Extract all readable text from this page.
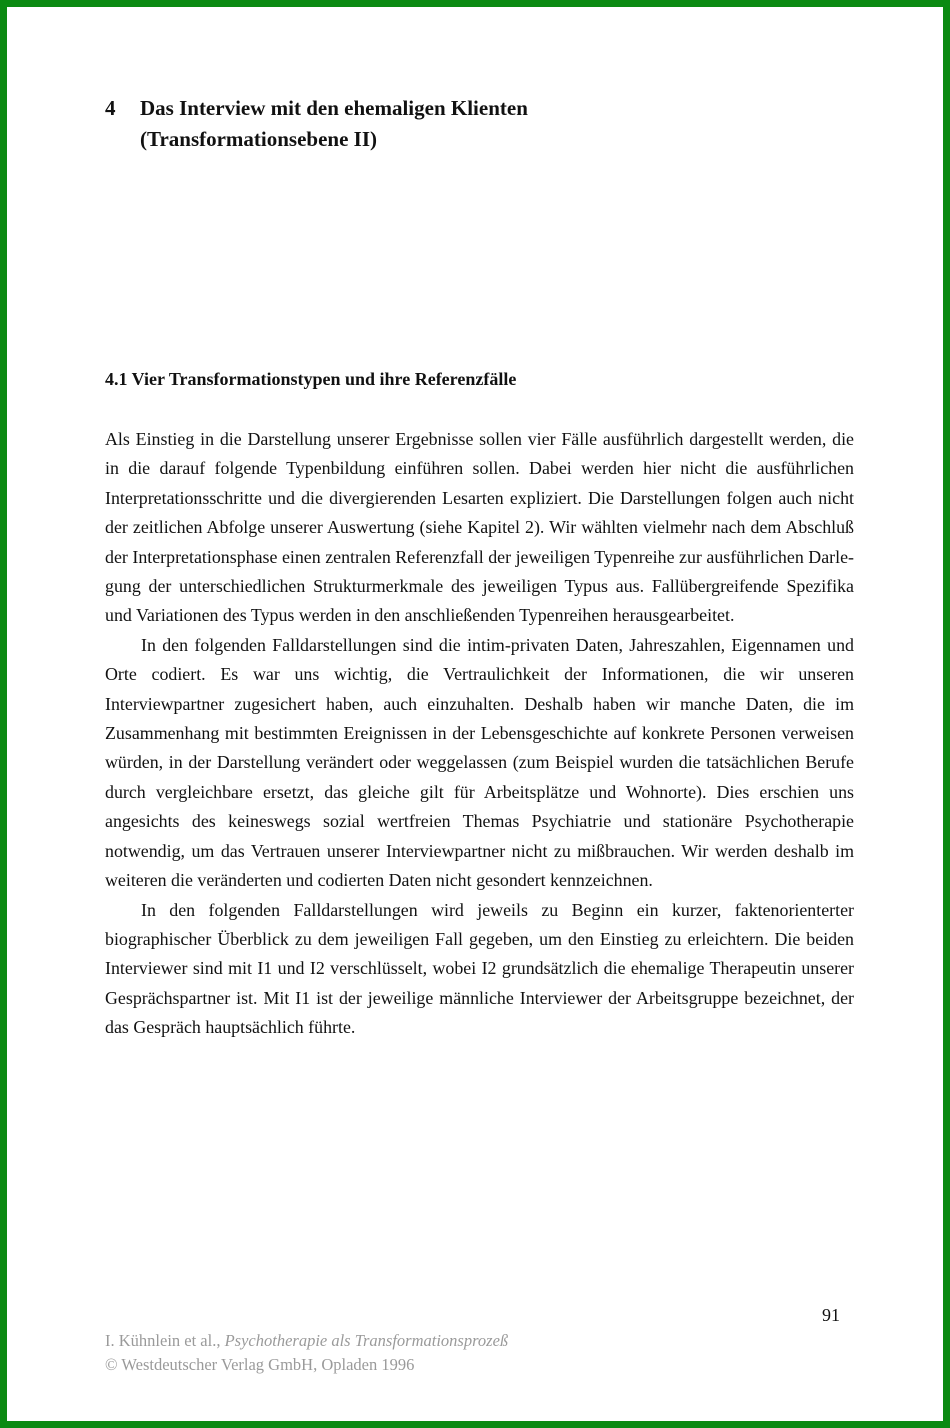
4	Das Interview mit den ehemaligen Klienten
(Transformationsebene II)
4.1 Vier Transformationstypen und ihre Referenzfälle

Als Einstieg in die Darstellung unserer Ergebnisse sollen vier Fälle ausführlich dargestellt werden, die in die darauf folgende Typenbildung einführen sollen. Dabei werden hier nicht die ausführlichen Interpretationsschritte und die divergierenden Lesarten expliziert. Die Darstellungen folgen auch nicht der zeitlichen Abfolge unserer Auswertung (siehe Kapitel 2). Wir wählten vielmehr nach dem Abschluß der Interpretationsphase einen zentralen Referenzfall der jeweiligen Typenreihe zur ausführlichen Darlegung der unterschiedlichen Strukturmerkmale des jeweiligen Typus aus. Fallübergreifende Spezifika und Variationen des Typus werden in den anschließenden Typenreihen herausgearbeitet.

In den folgenden Falldarstellungen sind die intim-privaten Daten, Jahreszahlen, Eigennamen und Orte codiert. Es war uns wichtig, die Vertraulichkeit der Informationen, die wir unseren Interviewpartner zugesichert haben, auch einzuhalten. Deshalb haben wir manche Daten, die im Zusammenhang mit bestimmten Ereignissen in der Lebensgeschichte auf konkrete Personen verweisen würden, in der Darstellung verändert oder weggelassen (zum Beispiel wurden die tatsächlichen Berufe durch vergleichbare ersetzt, das gleiche gilt für Arbeitsplätze und Wohnorte). Dies erschien uns angesichts des keineswegs sozial wertfreien Themas Psychiatrie und stationäre Psychotherapie notwendig, um das Vertrauen unserer Interviewpartner nicht zu mißbrauchen. Wir werden deshalb im weiteren die veränderten und codierten Daten nicht gesondert kennzeichnen.

In den folgenden Falldarstellungen wird jeweils zu Beginn ein kurzer, faktenorienterter biographischer Überblick zu dem jeweiligen Fall gegeben, um den Einstieg zu erleichtern. Die beiden Interviewer sind mit I1 und I2 verschlüsselt, wobei I2 grundsätzlich die ehemalige Therapeutin unserer Gesprächspartner ist. Mit I1 ist der jeweilige männliche Interviewer der Arbeitsgruppe bezeichnet, der das Gespräch hauptsächlich führte.

91
I. Kühnlein et al., Psychotherapie als Transformationsprozeß
© Westdeutscher Verlag GmbH, Opladen 1996
